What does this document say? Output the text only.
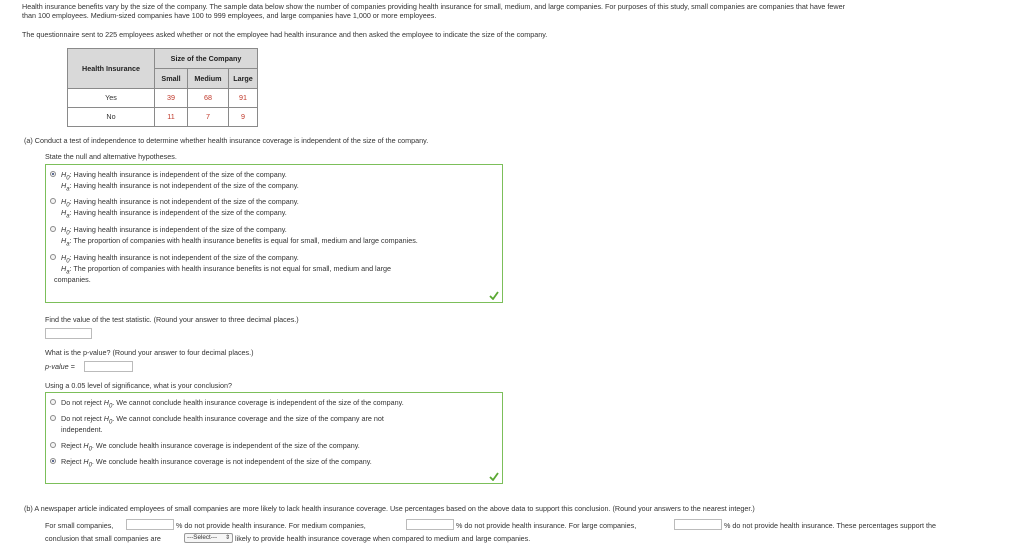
Health insurance benefits vary by the size of the company. The sample data below show the number of companies providing health insurance for small, medium, and large companies. For purposes of this study, small companies are companies that have fewer
than 100 employees. Medium-sized companies have 100 to 999 employees, and large companies have 1,000 or more employees.
The questionnaire sent to 225 employees asked whether or not the employee had health insurance and then asked the employee to indicate the size of the company.
Health Insurance	Size of the Company		
	Small	Medium	Large
Yes	39	68	91
No	11	7	9
(a) Conduct a test of independence to determine whether health insurance coverage is independent of the size of the company.
State the null and alternative hypotheses.
$H_0$: Having health insurance is independent of the size of the company.
$H_a$: Having health insurance is not independent of the size of the company.
$H_0$: Having health insurance is not independent of the size of the company.
$H_a$: Having health insurance is independent of the size of the company.
$H_0$: Having health insurance is independent of the size of the company.
$H_a$: The proportion of companies with health insurance benefits is equal for small, medium and large companies.
$H_0$: Having health insurance is not independent of the size of the company.
$H_a$: The proportion of companies with health insurance benefits is not equal for small, medium and large
companies.
Find the value of the test statistic. (Round your answer to three decimal places.)
What is the p-value? (Round your answer to four decimal places.)
p-value =
Using a 0.05 level of significance, what is your conclusion?
Do not reject $H_0$. We cannot conclude health insurance coverage is independent of the size of the company.
Do not reject $H_0$. We cannot conclude health insurance coverage and the size of the company are not
independent.
Reject $H_0$. We conclude health insurance coverage is independent of the size of the company.
Reject $H_0$. We conclude health insurance coverage is not independent of the size of the company.
(b) A newspaper article indicated employees of small companies are more likely to lack health insurance coverage. Use percentages based on the above data to support this conclusion. (Round your answers to the nearest integer.)
For small companies,	% do not provide health insurance. For medium companies,	% do not provide health insurance. For large companies,	% do not provide health insurance. These percentages support the
conclusion that small companies are	---Select--- ⇕ likely to provide health insurance coverage when compared to medium and large companies.
